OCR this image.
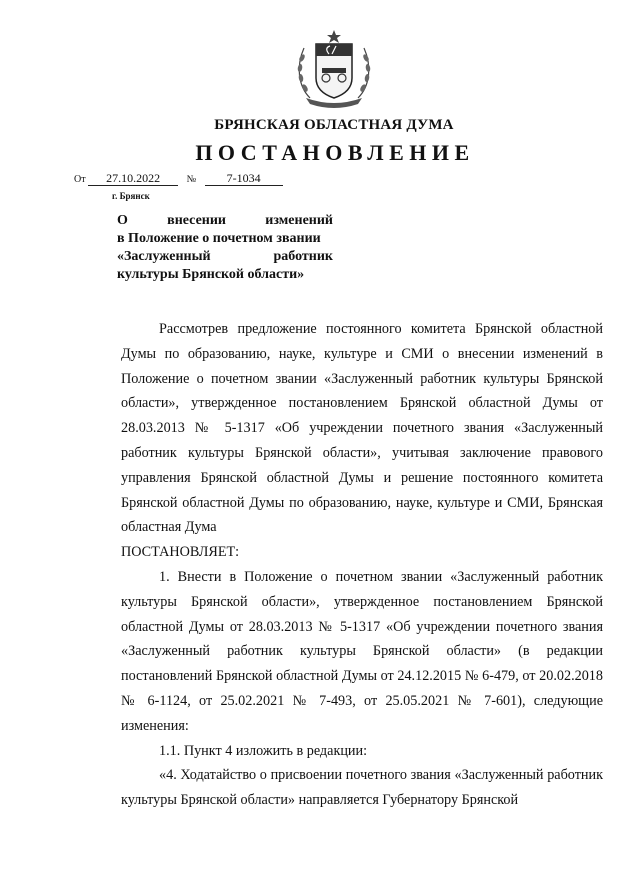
БРЯНСКАЯ ОБЛАСТНАЯ ДУМА
ПОСТАНОВЛЕНИЕ
От 27.10.2022	№	7-1034
г. Брянск
О внесении изменений
в Положение о почетном звании
«Заслуженный работник
культуры Брянской области»

Рассмотрев предложение постоянного комитета Брянской областной Думы по образованию, науке, культуре и СМИ о внесении изменений в Положение о почетном звании «Заслуженный работник культуры Брянской области», утвержденное постановлением Брянской областной Думы от 28.03.2013 № 5-1317 «Об учреждении почетного звания «Заслуженный работник культуры Брянской области», учитывая заключение правового управления Брянской областной Думы и решение постоянного комитета Брянской областной Думы по образованию, науке, культуре и СМИ, Брянская областная Дума

ПОСТАНОВЛЯЕТ:

1. Внести в Положение о почетном звании «Заслуженный работник культуры Брянской области», утвержденное постановлением Брянской областной Думы от 28.03.2013 № 5-1317 «Об учреждении почетного звания «Заслуженный работник культуры Брянской области» (в редакции постановлений Брянской областной Думы от 24.12.2015 № 6-479, от 20.02.2018 № 6-1124, от 25.02.2021 № 7-493, от 25.05.2021 № 7-601), следующие изменения:

1.1. Пункт 4 изложить в редакции:

«4. Ходатайство о присвоении почетного звания «Заслуженный работник культуры Брянской области» направляется Губернатору Брянской
